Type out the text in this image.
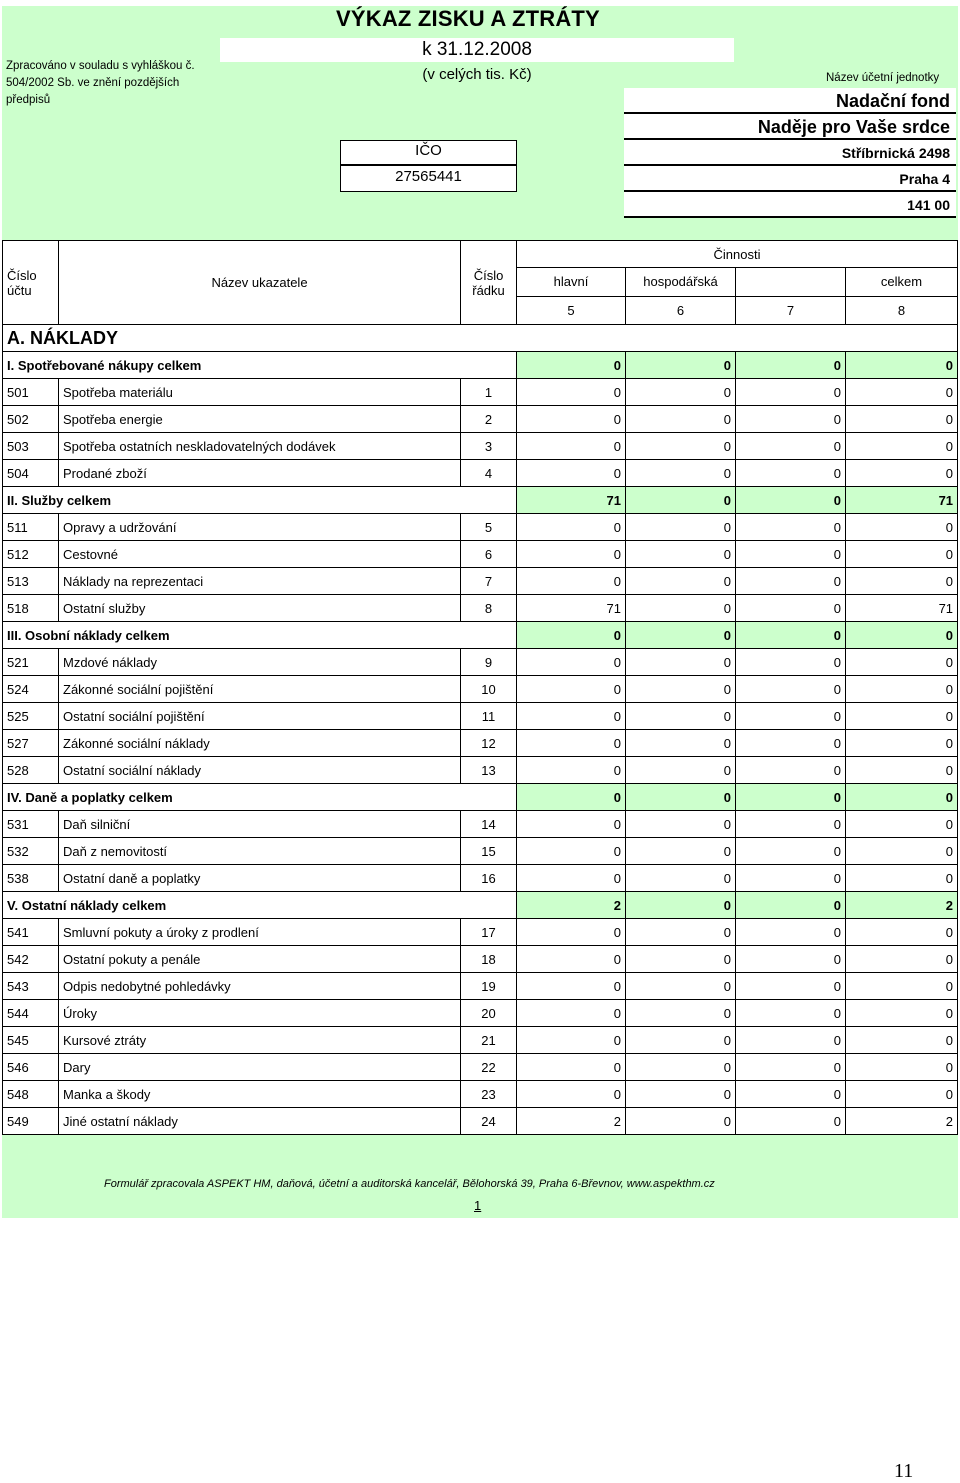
VÝKAZ ZISKU A ZTRÁTY
k 31.12.2008
(v celých tis. Kč)
Zpracováno v souladu s vyhláškou č. 504/2002 Sb. ve znění pozdějších předpisů
Název účetní jednotky
Nadační fond
Naděje pro Vaše srdce
Stříbrnická 2498
Praha 4
141 00
IČO
27565441
Číslo účtu	Název ukazatele	Číslo řádku	Činnosti			
			hlavní	hospodářská		celkem
			5	6	7	8
A. NÁKLADY						
I. Spotřebované nákupy celkem			0	0	0	0
501	Spotřeba materiálu	1	0	0	0	0
502	Spotřeba energie	2	0	0	0	0
503	Spotřeba ostatních neskladovatelných dodávek	3	0	0	0	0
504	Prodané zboží	4	0	0	0	0
II. Služby celkem			71	0	0	71
511	Opravy a udržování	5	0	0	0	0
512	Cestovné	6	0	0	0	0
513	Náklady na reprezentaci	7	0	0	0	0
518	Ostatní služby	8	71	0	0	71
III. Osobní náklady celkem			0	0	0	0
521	Mzdové náklady	9	0	0	0	0
524	Zákonné sociální pojištění	10	0	0	0	0
525	Ostatní sociální pojištění	11	0	0	0	0
527	Zákonné sociální náklady	12	0	0	0	0
528	Ostatní sociální náklady	13	0	0	0	0
IV. Daně a poplatky celkem			0	0	0	0
531	Daň silniční	14	0	0	0	0
532	Daň z nemovitostí	15	0	0	0	0
538	Ostatní daně a poplatky	16	0	0	0	0
V. Ostatní náklady celkem			2	0	0	2
541	Smluvní pokuty a úroky z prodlení	17	0	0	0	0
542	Ostatní pokuty a penále	18	0	0	0	0
543	Odpis nedobytné pohledávky	19	0	0	0	0
544	Úroky	20	0	0	0	0
545	Kursové ztráty	21	0	0	0	0
546	Dary	22	0	0	0	0
548	Manka a škody	23	0	0	0	0
549	Jiné ostatní náklady	24	2	0	0	2
Formulář zpracovala ASPEKT HM, daňová, účetní a auditorská kancelář, Bělohorská 39, Praha 6-Břevnov, www.aspekthm.cz
1
11
